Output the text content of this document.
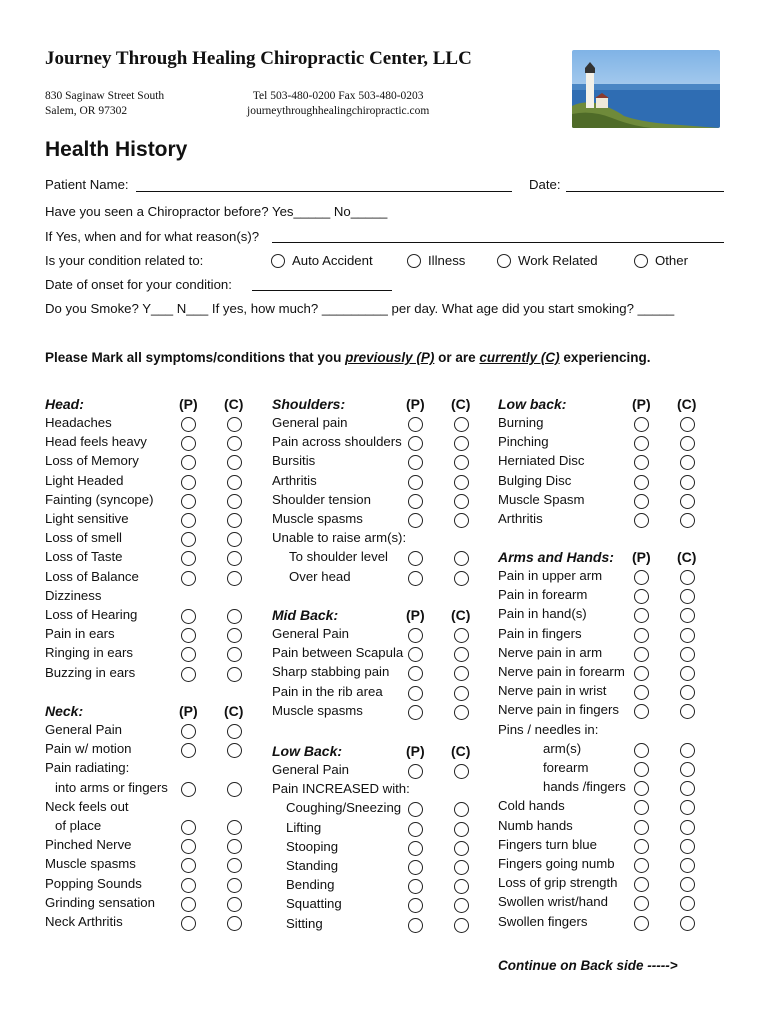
Journey Through Healing Chiropractic Center, LLC
830 Saginaw Street South
Salem, OR 97302
Tel 503-480-0200 Fax 503-480-0203
journeythroughhealingchiropractic.com
Health History
Patient Name:	Date:
Have you seen a Chiropractor before? Yes_____ No_____
If Yes, when and for what reason(s)?
Is your condition related to:	Auto Accident	Illness	Work Related	Other
Date of onset for your condition:
Do you Smoke? Y___ N___ If yes, how much? _________ per day. What age did you start smoking? _____
Please Mark all symptoms/conditions that you previously (P) or are currently (C) experiencing.
Head:	(P) (C)
Headaches
Head feels heavy
Loss of Memory
Light Headed
Fainting (syncope)
Light sensitive
Loss of smell
Loss of Taste
Loss of Balance
Dizziness
Loss of Hearing
Pain in ears
Ringing in ears
Buzzing in ears
Neck:	(P) (C)
General Pain
Pain w/ motion
Pain radiating:
into arms or fingers
Neck feels out
of place
Pinched Nerve
Muscle spasms
Popping Sounds
Grinding sensation
Neck Arthritis
Shoulders:	(P) (C)
General pain
Pain across shoulders
Bursitis
Arthritis
Shoulder tension
Muscle spasms
Unable to raise arm(s):
To shoulder level
Over head
Mid Back:	(P) (C)
General Pain
Pain between Scapula
Sharp stabbing pain
Pain in the rib area
Muscle spasms
Low Back:	(P) (C)
General Pain
Pain INCREASED with:
Coughing/Sneezing
Lifting
Stooping
Standing
Bending
Squatting
Sitting
Low back:	(P) (C)
Burning
Pinching
Herniated Disc
Bulging Disc
Muscle Spasm
Arthritis
Arms and Hands: (P) (C)
Pain in upper arm
Pain in forearm
Pain in hand(s)
Pain in fingers
Nerve pain in arm
Nerve pain in forearm
Nerve pain in wrist
Nerve pain in fingers
Pins / needles in:
arm(s)
forearm
hands /fingers
Cold hands
Numb hands
Fingers turn blue
Fingers going numb
Loss of grip strength
Swollen wrist/hand
Swollen fingers
Continue on Back side ----->
